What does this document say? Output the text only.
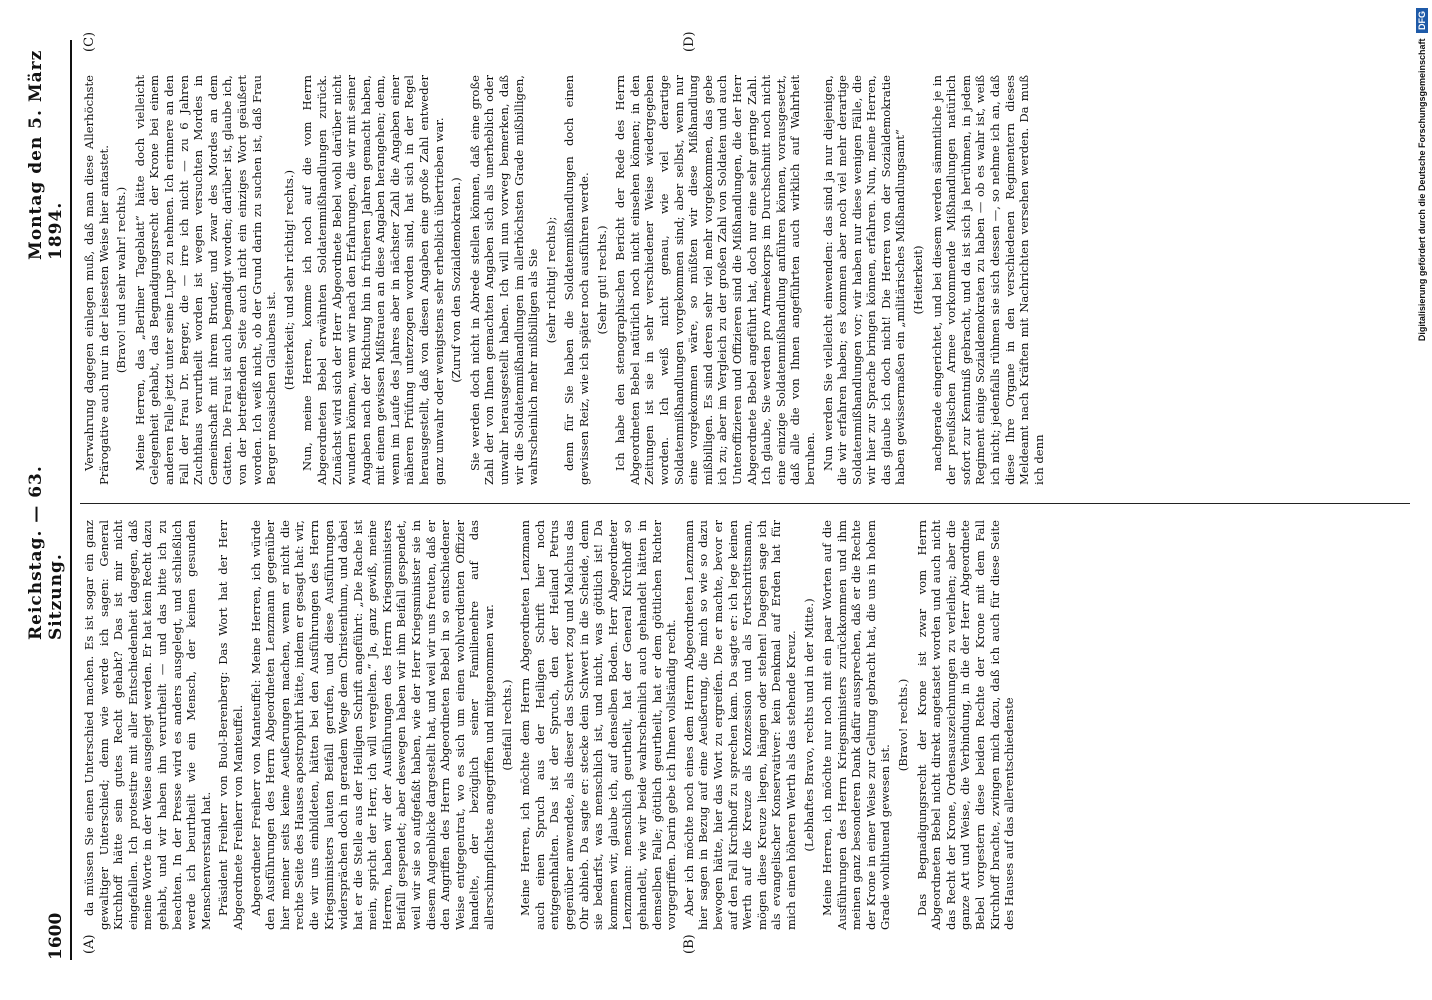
1600
Reichstag. — 63. Sitzung.
Montag den 5. März 1894.
(A)	(B)
(C)	(D)

da müssen Sie einen Unterschied machen. Es ist sogar ein ganz gewaltiger Unterschied; denn wie werde ich sagen: General Kirchhoff hätte sein gutes Recht gehabt? Das ist mir nicht eingefallen. Ich protestire mit aller Entschiedenheit dagegen, daß meine Worte in der Weise ausgelegt werden. Er hat kein Recht dazu gehabt, und wir haben ihn verurtheilt — und das bitte ich zu beachten. In der Presse wird es anders ausgelegt, und schließlich werde ich beurtheilt wie ein Mensch, der keinen gesunden Menschenverstand hat. Präsident Freiherr von Buol-Berenberg: Das Wort hat der Herr Abgeordnete Freiherr von Manteuffel. Abgeordneter Freiherr von Manteuffel: Meine Herren, ich würde den Ausführungen des Herrn Abgeordneten Lenzmann gegenüber hier meiner seits keine Aeußerungen machen, wenn er nicht die rechte Seite des Hauses apostrophirt hätte, indem er gesagt hat: wir, die wir uns einbildeten, hätten bei den Ausführungen des Herrn Kriegsministers lauten Beifall gerufen, und diese Ausführungen widersprächen doch in geradem Wege dem Christenthum, und dabei hat er die Stelle aus der Heiligen Schrift angeführt: „Die Rache ist mein, spricht der Herr, ich will vergelten.“ Ja, ganz gewiß, meine Herren, haben wir der Ausführungen des Herrn Kriegsministers Beifall gespendet; aber deswegen haben wir ihm Beifall gespendet, weil wir sie so aufgefaßt haben, wie der Herr Kriegsminister sie in diesem Augenblicke dargestellt hat, und weil wir uns freuten, daß er den Angriffen des Herrn Abgeordneten Bebel in so entschiedener Weise entgegentrat, wo es sich um einen wohlverdienten Offizier handelte, der bezüglich seiner Familienehre auf das allerschimpflichste angegriffen und mitgenommen war. (Beifall rechts.) Meine Herren, ich möchte dem Herrn Abgeordneten Lenzmann auch einen Spruch aus der Heiligen Schrift hier noch entgegenhalten. Das ist der Spruch, den der Heiland Petrus gegenüber anwendete, als dieser das Schwert zog und Malchus das Ohr abhieb. Da sagte er: stecke dein Schwert in die Scheide, denn sie bedarfst, was menschlich ist, und nicht, was göttlich ist! Da kommen wir, glaube ich, auf denselben Boden. Herr Abgeordneter Lenzmann: menschlich geurtheilt, hat der General Kirchhoff so gehandelt, wie wir beide wahrscheinlich auch gehandelt hätten in demselben Falle; göttlich geurtheilt, hat er dem göttlichen Richter vorgegriffen. Darin gebe ich Ihnen vollständig recht. Aber ich möchte noch eines dem Herrn Abgeordneten Lenzmann hier sagen in Bezug auf eine Aeußerung, die mich so wie so dazu bewogen hätte, hier das Wort zu ergreifen. Die er machte, bevor er auf den Fall Kirchhoff zu sprechen kam. Da sagte er: ich lege keinen Werth auf die Kreuze als Konzession und als Fortschrittsmann, mögen diese Kreuze liegen, hängen oder stehen! Dagegen sage ich als evangelischer Konservativer: kein Denkmal auf Erden hat für mich einen höheren Werth als das stehende Kreuz. (Lebhaftes Bravo, rechts und in der Mitte.) Meine Herren, ich möchte nur noch mit ein paar Worten auf die Ausführungen des Herrn Kriegsministers zurückkommen und ihm meinen ganz besonderen Dank dafür aussprechen, daß er die Rechte der Krone in einer Weise zur Geltung gebracht hat, die uns in hohem Grade wohlthuend gewesen ist.

(Bravo! rechts.) Das Begnadigungsrecht der Krone ist zwar vom Herrn Abgeordneten Bebel nicht direkt angetastet worden und auch nicht das Recht der Krone, Ordensauszeichnungen zu verleihen; aber die ganze Art und Weise, die Verbindung, in die der Herr Abgeordnete Bebel vorgestern diese beiden Rechte der Krone mit dem Fall Kirchhoff brachte, zwingen mich dazu, daß ich auch für diese Seite des Hauses auf das allerentschiedenste

Verwahrung dagegen einlegen muß, daß man diese Allerhöchste Prärogative auch nur in der leisesten Weise hier antastet. (Bravo! und sehr wahr! rechts.) Meine Herren, das „Berliner Tageblatt“ hätte doch vielleicht Gelegenheit gehabt, das Begnadigungsrecht der Krone bei einem anderen Falle jetzt unter seine Lupe zu nehmen. Ich erinnere an den Fall der Frau Dr. Berger, die — irre ich nicht — zu 6 Jahren Zuchthaus verurtheilt worden ist wegen versuchten Mordes in Gemeinschaft mit ihrem Bruder, und zwar des Mordes an dem Gatten. Die Frau ist auch begnadigt worden; darüber ist, glaube ich, von der betreffenden Seite auch nicht ein einziges Wort geäußert worden. Ich weiß nicht, ob der Grund darin zu suchen ist, daß Frau Berger mosaischen Glaubens ist. (Heiterkeit; und sehr richtig! rechts.) Nun, meine Herren, komme ich noch auf die vom Herrn Abgeordneten Bebel erwähnten Soldatenmißhandlungen zurück. Zunächst wird sich der Herr Abgeordnete Bebel wohl darüber nicht wundern können, wenn wir nach den Erfahrungen, die wir mit seiner Angaben nach der Richtung hin in früheren Jahren gemacht haben, mit einem gewissen Mißtrauen an diese Angaben herangehen; denn, wenn im Laufe des Jahres aber in nächster Zahl die Angaben einer näheren Prüfung unterzogen worden sind, hat sich in der Regel herausgestellt, daß von diesen Angaben eine große Zahl entweder ganz unwahr oder wenigstens sehr erheblich übertrieben war. (Zuruf von den Sozialdemokraten.) Sie werden doch nicht in Abrede stellen können, daß eine große Zahl der von Ihnen gemachten Angaben sich als unerheblich oder unwahr herausgestellt haben. Ich will nun vorweg bemerken, daß wir die Soldatenmißhandlungen im allerhöchsten Grade mißbilligen, wahrscheinlich mehr mißbilligen als Sie (sehr richtig! rechts); denn für Sie haben die Soldatenmißhandlungen doch einen gewissen Reiz, wie ich später noch ausführen werde. (Sehr gut! rechts.) Ich habe den stenographischen Bericht der Rede des Herrn Abgeordneten Bebel natürlich noch nicht einsehen können; in den Zeitungen ist sie in sehr verschiedener Weise wiedergegeben worden. Ich weiß nicht genau, wie viel derartige Soldatenmißhandlungen vorgekommen sind; aber selbst, wenn nur eine vorgekommen wäre, so müßten wir diese Mißhandlung mißbilligen. Es sind deren sehr viel mehr vorgekommen, das gebe ich zu; aber im Vergleich zu der großen Zahl von Soldaten und auch Unteroffizieren und Offizieren sind die Mißhandlungen, die der Herr Abgeordnete Bebel angeführt hat, doch nur eine sehr geringe Zahl. Ich glaube, Sie werden pro Armeekorps im Durchschnitt noch nicht eine einzige Soldatenmißhandlung anführen können, vorausgesetzt, daß alle die von Ihnen angeführten auch wirklich auf Wahrheit beruhen. Nun werden Sie vielleicht einwenden: das sind ja nur diejenigen, die wir erfahren haben; es kommen aber noch viel mehr derartige Soldatenmißhandlungen vor; wir haben nur diese wenigen Fälle, die wir hier zur Sprache bringen können, erfahren. Nun, meine Herren, das glaube ich doch nicht! Die Herren von der Sozialdemokratie haben gewissermaßen ein „militärisches Mißhandlungsamt“ (Heiterkeit) nachgerade eingerichtet, und bei diesem werden sämmtliche je in der preußischen Armee vorkommende Mißhandlungen natürlich sofort zur Kenntniß gebracht, und da ist sich ja herühmen, in jedem Regiment einige Sozialdemokraten zu haben — ob es wahr ist, weiß ich nicht; jedenfalls rühmen sie sich dessen —, so nehme ich an, daß diese Ihre Organe in den verschiedenen Regimentern dieses Meldeamt nach Kräften mit Nachrichten versehen werden. Da muß ich denn

Digitalisierung gefördert durch die Deutsche Forschungsgemeinschaft DFG
